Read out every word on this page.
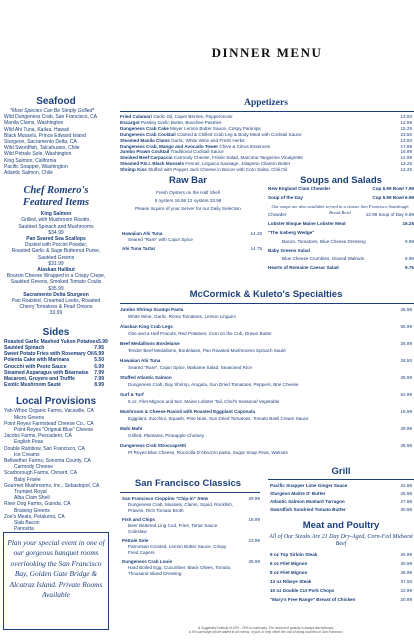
DINNER MENU
Seafood
*Most Species Can Be Simply Grilled*
Wild Dungeness Crab, San Francisco, CA
Manila Clams, Washington
Wild Ahi Tuna, Kailua, Hawaii
Black Mussels, Prince Edward Island
Sturgeon, Sacramento Delta, CA
Wild Swordfish, Talcahuano, Chile
Wild Petrale Sole, Washington
King Salmon, California
Pacific Snapper, Washington
Atlantic Salmon, Chile
Chef Romero's Featured Items
King Salmon
Grilled, with Mushroom Risotto,
Sautéed Spinach and Mushrooms
$34.99
Pan Seared Sea Scallops
Dusted with Porcini Powder,
Roasted Garlic & Sage Butternut Puree,
Sautéed Greens
$31.99
Alaskan Halibut
Boursin Cheese Wrapped in a Crispy Crepe,
Sautéed Greens, Smoked Tomato Coulis
$35.99
Sacramento Delta Sturgeon
Pan Roasted, Creamed Leeks, Roasted
Cherry Tomatoes & Pearl Onions
33.99
Sides
Roasted Garlic Mashed Yukon Potatoes 5.99
Sautéed Spinach	7.95
Sweet Potato Fries with Rosemary Oil 6.99
Polenta Cake with Marinara	5.50
Gnocchi with Pesto Sauce	6.99
Steamed Asparagus with Béarnaise 7.99
Macaroni, Gruyere and Truffle	7.99
Exotic Mushroom Sauté	8.99
Local Provisions
Yah-Whoo Organic Farms, Vacaville, CA
Micro Greens
Point Reyes Farmstead Cheese Co., CA
Point Reyes "Original Blue" Cheese
Jacobs Farms, Pescadero, CA
English Peas
Double Rainbow, San Francisco, CA
Ice Creams
Bellwether Farms, Sonoma County, CA
Carmody Cheese
Scarborough Farms, Oxnard, CA
Baby Frisée
Gourmet Mushrooms, Inc., Sebastopol, CA
Trumpet Royal
Alba Clam Shell
River Dog Farms, Guinda, CA
Braising Greens
Zoe's Meats, Petaluma, CA
Slab Bacon
Pancetta

Plan your special event in one of our gorgeous banquet rooms overlooking the San Francisco Bay, Golden Gate Bridge & Alcatraz Island. Private Rooms Available

Appetizers
Raw Bar	Soups and Salads
McCormick & Kuleto's Specialties
San Francisco Classics
Grill
Meat and Poultry
Fried Calamari Garlic Oil, Caper Berries, Pepperoncini	13.50
Escargot Parsley Garlic Butter, Bouchee Pastries	12.99
Dungeness Crab Cake Meyer Lemon Butter Sauce, Crispy Parsnips	15.25
Dungeness Crab Cocktail Cooked & Chilled Crab Leg & Body Meat with Cocktail Sauce	23.50
Steamed Manila Clams Garlic, White Wine and Fresh Herbs	13.50
Dungeness Crab, Mango and Avocado Tower Chive & Citrus Essences	17.99
Jumbo Prawn Cocktail Traditional Cocktail Sauce	16.99
Smoked Beef Carpaccio Carmody Cheese, Frisée Salad, Marcona Tangerine Vinaigrette	12.99
Steamed P.E.I. Black Mussels Fennel, Linguica Sausage, Jalapeno Cilantro Butter	13.25
Shrimp Kiss Stuffed with Pepper Jack Cheese in Bacon with Corn Salsa, Chili Oil	14.25
Fresh Oysters on the Half Shell
6 oysters 16.99 12 oysters 33.98
Please Inquire of your Server for our Daily Selection
Hawaiian Ahi Tuna	14.25
Seared "Rare" with Cajun Spice
Ahi Tuna Tartar	14.75
New England Clam Chowder	Cup 6.99 Bowl 7.99
Soup of the Day	Cup 5.99 Bowl 6.99
Our soups are also available served in a classic San Francisco Sourdough Bread Bowl
Chowder	12.99 Soup of Day 9.99
Lobster Bisque Maine Lobster Meat	16.25
"The Iceberg Wedge"
Bacon, Tomatoes, Blue Cheese Dressing	9.99
Baby Greens Salad
Blue Cheese Crumbles, Glazed Walnuts	8.99
Hearts of Romaine Caesar Salad	9.75
Jumbo Shrimp Scampi Pasta	26.99
White Wine, Garlic, Roma Tomatoes, Lemon Linguini
Alaskan King Crab Legs	55.99
One and a Half Pounds, Red Potatoes, Corn on the Cob, Drawn Butter
Beef Medallions Bordelaise	25.99
Tender Beef Medallions, Bordelaise, Pan Roasted Mushrooms Spinach Sauté
Hawaiian Ahi Tuna	28.50
Seared "Rare", Cajun Spice, Wakame Salad, Seasoned Rice
Stuffed Atlantic Salmon	28.99
Dungeness Crab, Bay Shrimp, Arugula, Sun Dried Tomatoes, Peppers, Brie Cheese
Surf & Turf	52.99
6 oz. Filet Mignon and 5oz. Maine Lobster Tail, Chef's Seasonal Vegetable
Mushroom & Cheese Ravioli with Roasted Eggplant Caponata	18.99
Eggplant, Zucchini, Squash, Pine Nuts, Sun Dried Tomatoes, Tomato Basil Cream Sauce
Mahi Mahi	29.99
Grilled, Plantains, Pineapple Chutney
Dungeness Crab Stroccapretti	28.99
Pt Reyes Blue Cheese, Rucciolla D'Abruzzo pasta, Sugar Snap Peas, Walnuts
San Francisco Cioppino "Chip-in" Stew	29.99
Dungeness Crab, Mussels, Clams, Squid, Rockfish, Prawns, Rich Tomato Broth
Fish and Chips	18.99
Beer Battered Ling Cod, Fries, Tartar Sauce Coleslaw
Petrale Sole	23.99
Parmesan Crusted, Lemon Butter Sauce, Crispy Fried Capers
Dungeness Crab Louie	28.99
Hard Boiled Egg, Cucumber, Black Olives, Tomato, Thousand Island Dressing
Pacific Snapper Lime Ginger Sauce	22.99
Sturgeon Maitre D' Butter	25.99
Atlantic Salmon Mustard Tarragon	27.99
Swordfish Sundried Tomato Butter	30.99
All of Our Steaks Are 21 Day Dry-Aged, Corn-Fed Midwest Beef
9 oz Top Sirloin Steak	25.99
6 oz Filet Mignon	30.99
8 oz Filet Mignon	36.99
13 oz Ribeye Steak	37.50
10 oz Double Cut Pork Chops	22.99
"Mary's Free Range" Breast of Chicken	20.99
A Suggested Gratuity of 20% - 25% is customary. The amount of gratuity is always discretionary.
A 5% surcharge will be added to all checks, in part, to help offset the cost of doing business in San Francisco.
